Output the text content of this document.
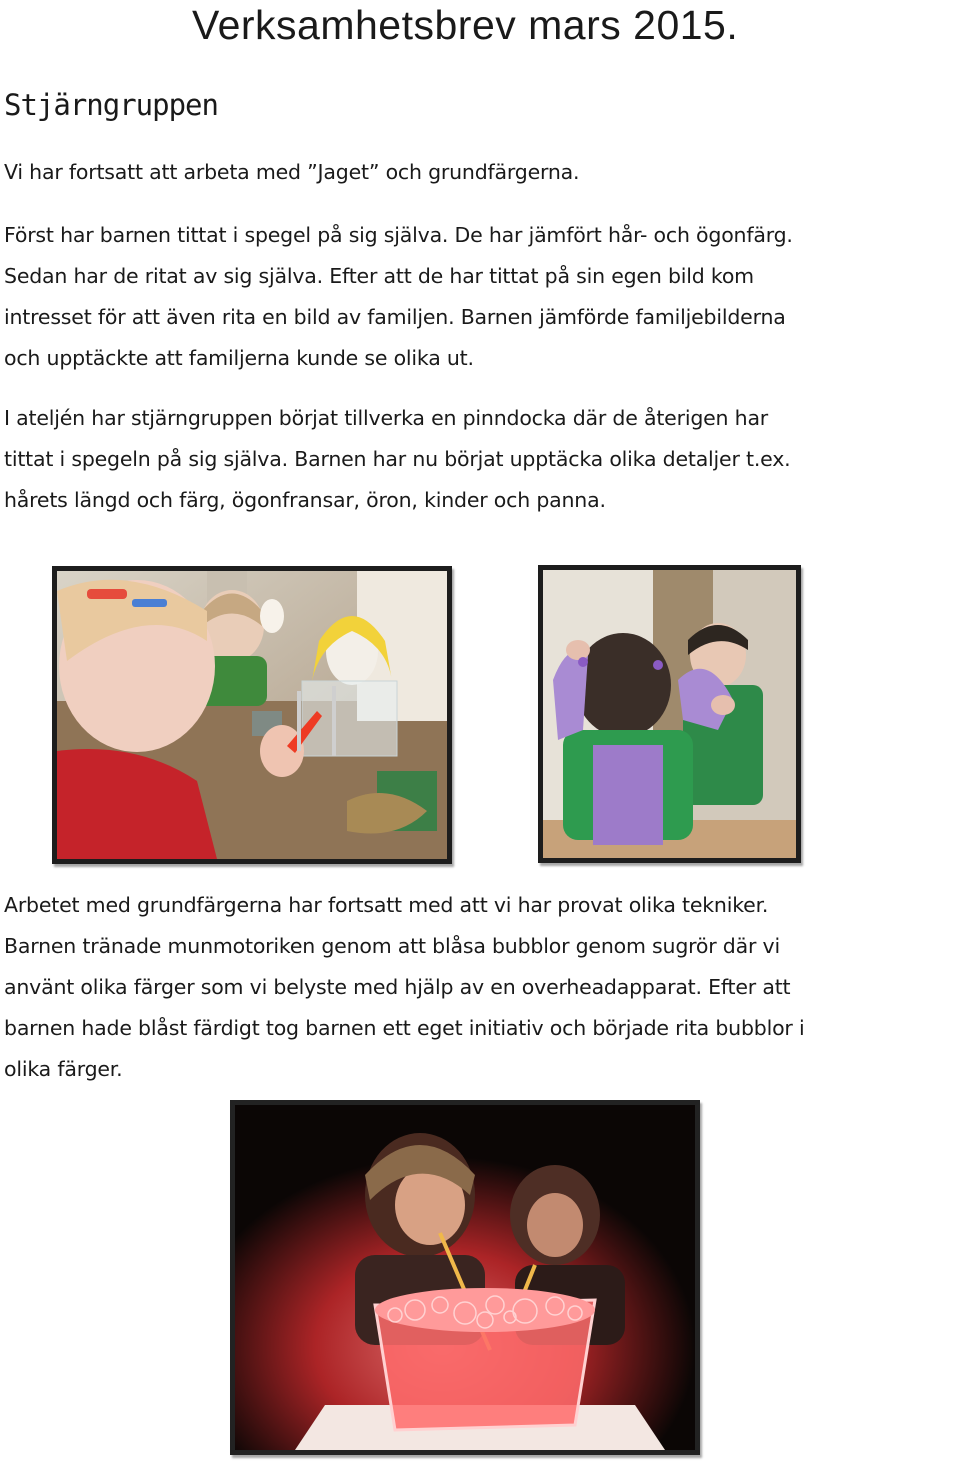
Verksamhetsbrev mars 2015.
Stjärngruppen
Vi har fortsatt att arbeta med ”Jaget” och grundfärgerna.
Först har barnen tittat i spegel på sig själva. De har jämfört hår- och ögonfärg.
Sedan har de ritat av sig själva. Efter att de har tittat på sin egen bild kom
intresset för att även rita en bild av familjen. Barnen jämförde familjebilderna
och upptäckte att familjerna kunde se olika ut.
I ateljén har stjärngruppen börjat tillverka en pinndocka där de återigen har
tittat i spegeln på sig själva. Barnen har nu börjat upptäcka olika detaljer t.ex.
hårets längd och färg, ögonfransar, öron, kinder och panna.
Arbetet med grundfärgerna har fortsatt med att vi har provat olika tekniker.
Barnen tränade munmotoriken genom att blåsa bubblor genom sugrör där vi
använt olika färger som vi belyste med hjälp av en overheadapparat. Efter att
barnen hade blåst färdigt tog barnen ett eget initiativ och började rita bubblor i
olika färger.
